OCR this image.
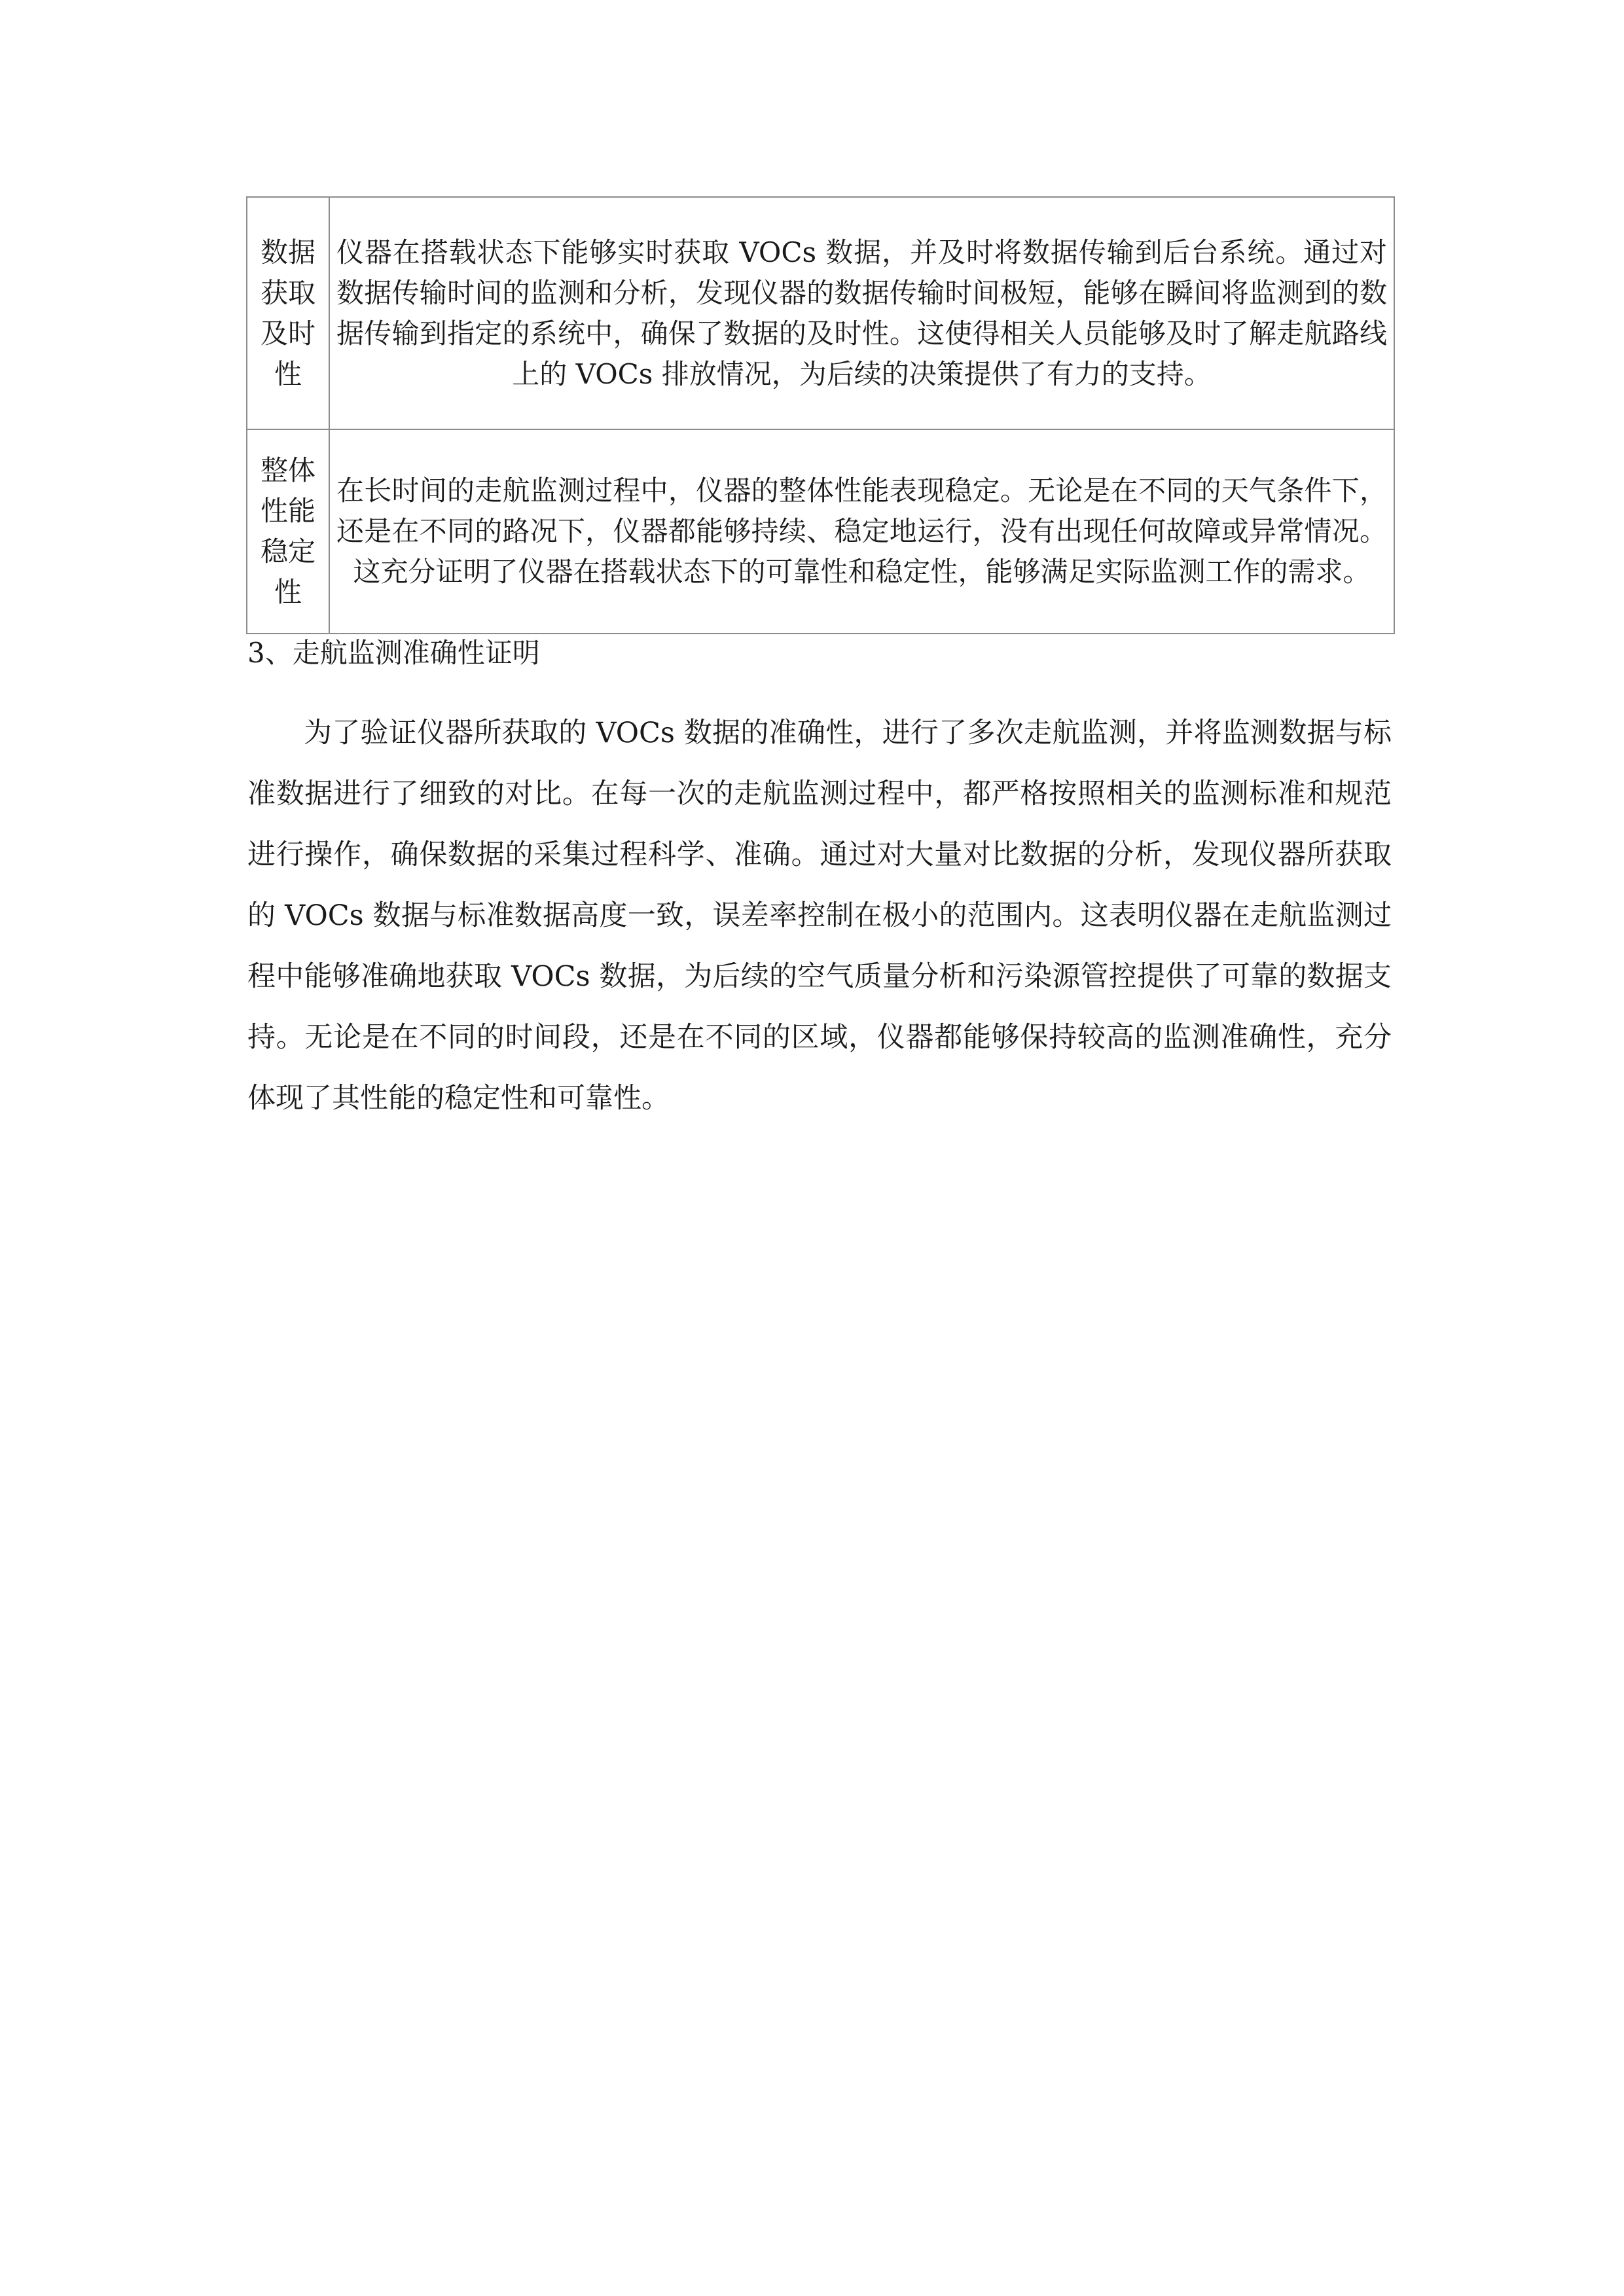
数据获取及时性	仪器在搭载状态下能够实时获取 VOCs 数据，并及时将数据传输到后台系统。通过对数据传输时间的监测和分析，发现仪器的数据传输时间极短，能够在瞬间将监测到的数据传输到指定的系统中，确保了数据的及时性。这使得相关人员能够及时了解走航路线上的 VOCs 排放情况，为后续的决策提供了有力的支持。
整体性能稳定性	在长时间的走航监测过程中，仪器的整体性能表现稳定。无论是在不同的天气条件下，还是在不同的路况下，仪器都能够持续、稳定地运行，没有出现任何故障或异常情况。这充分证明了仪器在搭载状态下的可靠性和稳定性，能够满足实际监测工作的需求。
3、走航监测准确性证明

为了验证仪器所获取的 VOCs 数据的准确性，进行了多次走航监测，并将监测数据与标准数据进行了细致的对比。在每一次的走航监测过程中，都严格按照相关的监测标准和规范进行操作，确保数据的采集过程科学、准确。通过对大量对比数据的分析，发现仪器所获取的 VOCs 数据与标准数据高度一致，误差率控制在极小的范围内。这表明仪器在走航监测过程中能够准确地获取 VOCs 数据，为后续的空气质量分析和污染源管控提供了可靠的数据支持。无论是在不同的时间段，还是在不同的区域，仪器都能够保持较高的监测准确性，充分体现了其性能的稳定性和可靠性。
